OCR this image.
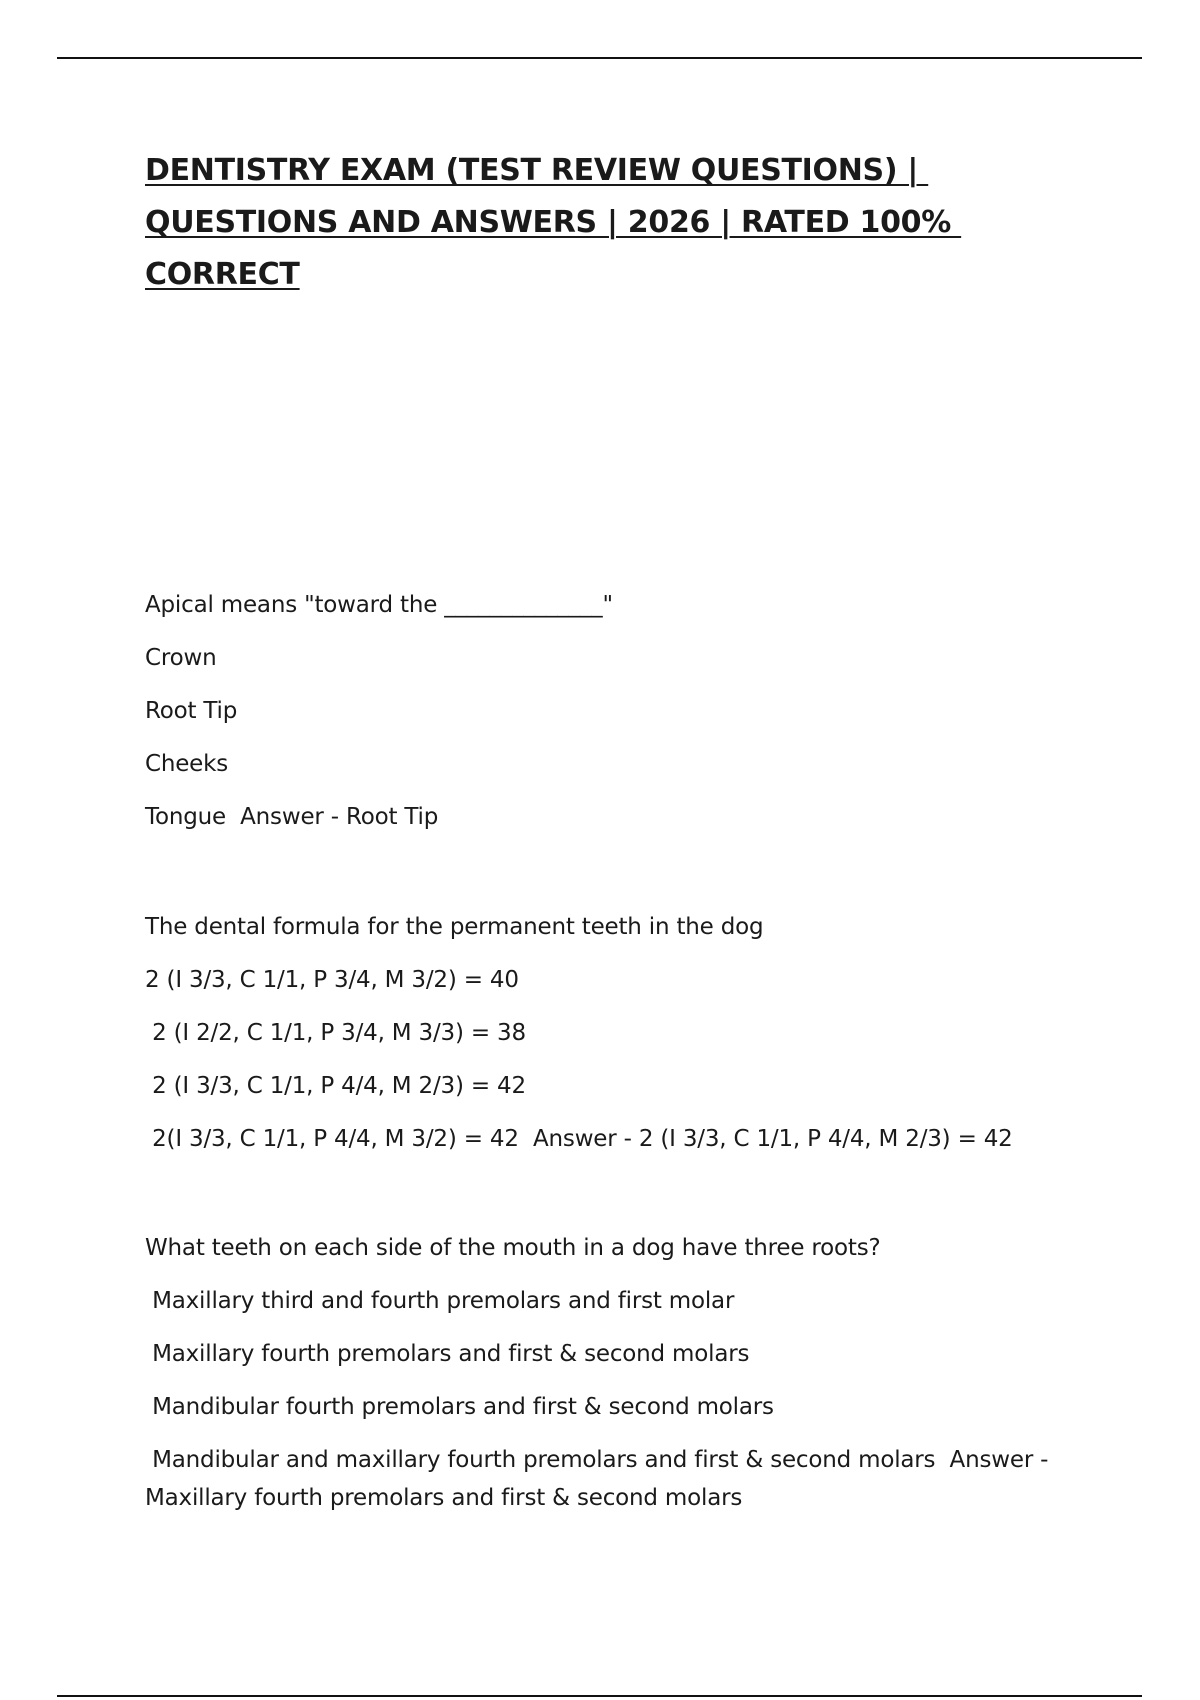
DENTISTRY EXAM (TEST REVIEW QUESTIONS) |
QUESTIONS AND ANSWERS | 2026 | RATED 100%
CORRECT
Apical means "toward the ______________"
Crown
Root Tip
Cheeks
Tongue  Answer - Root Tip
The dental formula for the permanent teeth in the dog
2 (I 3/3, C 1/1, P 3/4, M 3/2) = 40
2 (I 2/2, C 1/1, P 3/4, M 3/3) = 38
2 (I 3/3, C 1/1, P 4/4, M 2/3) = 42
2(I 3/3, C 1/1, P 4/4, M 3/2) = 42  Answer - 2 (I 3/3, C 1/1, P 4/4, M 2/3) = 42
What teeth on each side of the mouth in a dog have three roots?
Maxillary third and fourth premolars and first molar
Maxillary fourth premolars and first & second molars
Mandibular fourth premolars and first & second molars
Mandibular and maxillary fourth premolars and first & second molars  Answer - Maxillary fourth premolars and first & second molars
